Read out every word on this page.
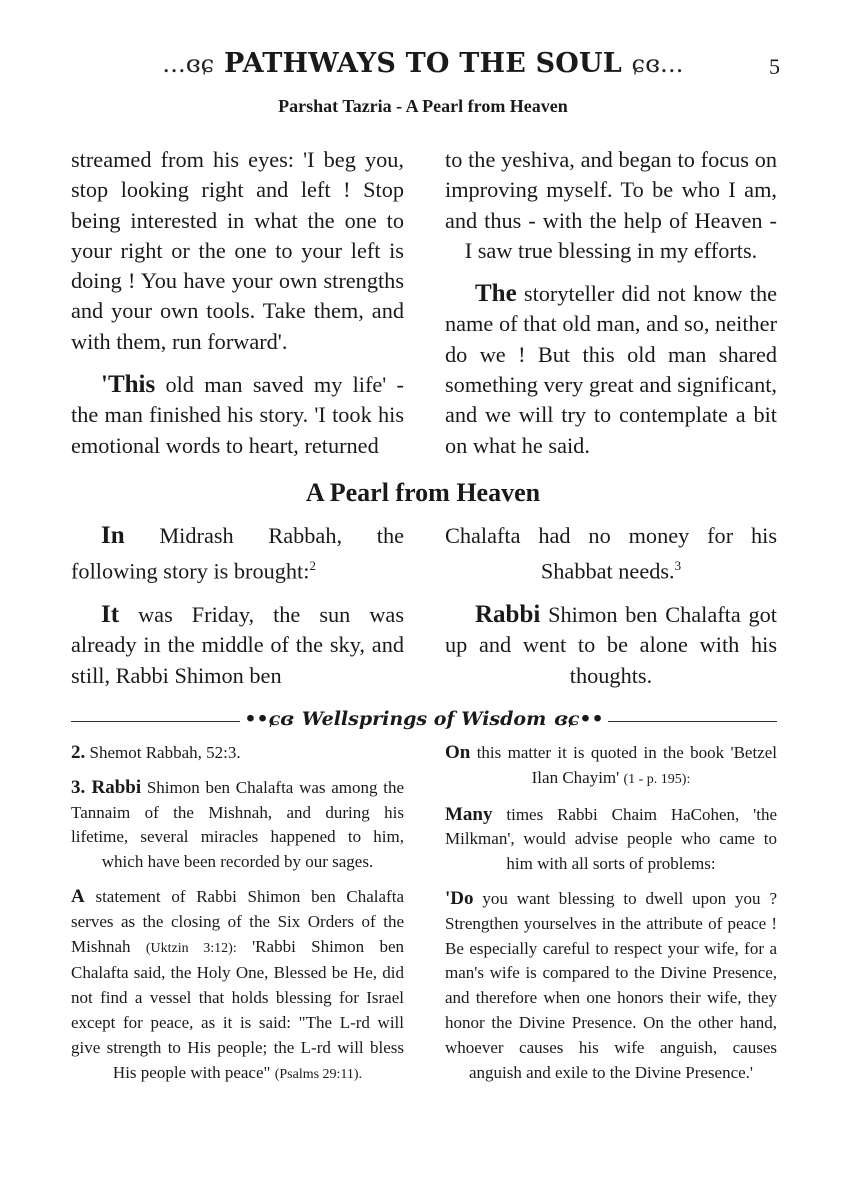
...ɞɕ PATHWAYS TO THE SOUL ɕɞ...	5
Parshat Tazria - A Pearl from Heaven

streamed from his eyes: 'I beg you, stop looking right and left ! Stop being interested in what the one to your right or the one to your left is doing ! You have your own strengths and your own tools. Take them, and with them, run forward'.

'This old man saved my life' - the man finished his story. 'I took his emotional words to heart, returned

to the yeshiva, and began to focus on improving myself. To be who I am, and thus - with the help of Heaven - I saw true blessing in my efforts.

The storyteller did not know the name of that old man, and so, neither do we ! But this old man shared something very great and significant, and we will try to contemplate a bit on what he said.

A Pearl from Heaven

In Midrash Rabbah, the following story is brought:$^2$

It was Friday, the sun was already in the middle of the sky, and still, Rabbi Shimon ben

Chalafta had no money for his Shabbat needs.$^3$

Rabbi Shimon ben Chalafta got up and went to be alone with his thoughts.

••ɕɞ Wellsprings of Wisdom ɞɕ••

2. Shemot Rabbah, 52:3.

3. Rabbi Shimon ben Chalafta was among the Tannaim of the Mishnah, and during his lifetime, several miracles happened to him, which have been recorded by our sages.

A statement of Rabbi Shimon ben Chalafta serves as the closing of the Six Orders of the Mishnah (Uktzin 3:12): 'Rabbi Shimon ben Chalafta said, the Holy One, Blessed be He, did not find a vessel that holds blessing for Israel except for peace, as it is said: "The L-rd will give strength to His people; the L-rd will bless His people with peace" (Psalms 29:11).

On this matter it is quoted in the book 'Betzel Ilan Chayim' (1 - p. 195):

Many times Rabbi Chaim HaCohen, 'the Milkman', would advise people who came to him with all sorts of problems:

'Do you want blessing to dwell upon you ? Strengthen yourselves in the attribute of peace ! Be especially careful to respect your wife, for a man's wife is compared to the Divine Presence, and therefore when one honors their wife, they honor the Divine Presence. On the other hand, whoever causes his wife anguish, causes anguish and exile to the Divine Presence.'
